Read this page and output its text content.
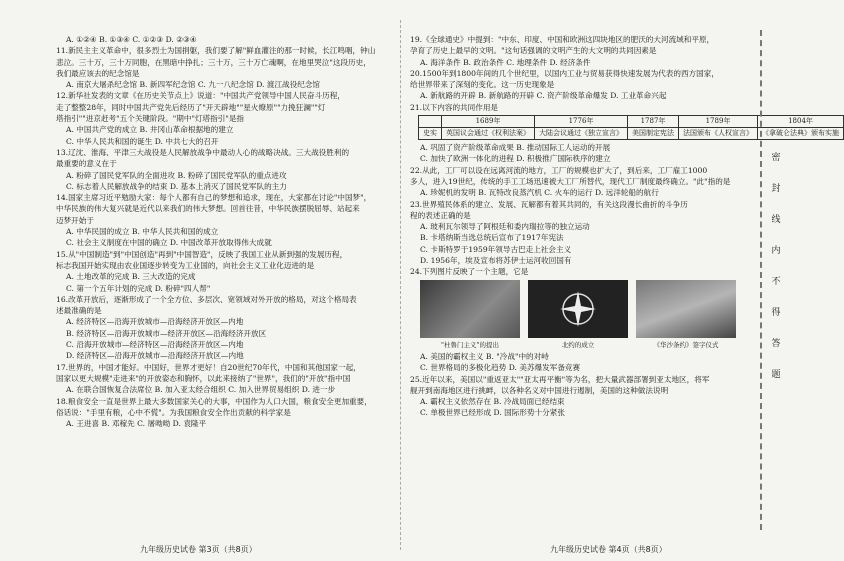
A. ①②④ B. ①③④ C. ①②③ D. ②③④
11.新民主主义革命中，很多烈士为国捐躯，我们要了解"鲜血灌注的那一时候，长江鸣咽，钟山
悲泣。三十万，三十万同胞，在黑暗中挣扎；三十万，三十万亡魂啊，在地里哭泣"这段历史，
我们最应该去的纪念馆是
A. 南京大屠杀纪念馆 B. 新四军纪念馆 C. 九一八纪念馆 D. 渡江战役纪念馆
12.新华社发表的文章《在历史关节点上》说道："中国共产党领导中国人民奋斗历程，
走了整整28年，同时中国共产党先后经历了"开天辟地""星火燎原""力挽狂澜""灯
塔指引""进京赶考"五个关键阶段。"期中"灯塔指引"是指
A. 中国共产党的成立 B. 井冈山革命根据地的建立
C. 中华人民共和国的诞生 D. 中共七大的召开
13.辽沈、淮海、平津三大战役是人民解放战争中最动人心的战略决战。三大战役胜利的
最重要的意义在于
A. 粉碎了国民党军队的全面进攻 B. 粉碎了国民党军队的重点进攻
C. 标志着人民解放战争的结束 D. 基本上消灭了国民党军队的主力
14.国家主席习近平勉励大家：每个人都有自己的梦想和追求，现在，大家都在讨论"中国梦"，
中华民族的伟大复兴就是近代以来我们的伟大梦想。回首往昔，中华民族摆脱屈辱、站起来
迈梦开始于
A. 中华民国的成立 B. 中华人民共和国的成立
C. 社会主义制度在中国的确立 D. 中国改革开放取得伟大成就
15.从"中国制造"到"中国创造"再到"中国智造"，反映了我国工业从新到强的发展历程，
标志我国开始实现由农业国逐步转变为工业国的，向社会主义工业化迈进的是
A. 土地改革的完成 B. 三大改造的完成
C. 第一个五年计划的完成 D. 粉碎"四人帮"
16.改革开放后，逐渐形成了一个全方位、多层次、宽领域对外开放的格局，对这个格局表
述最准确的是
A. 经济特区—沿海开放城市—沿海经济开放区—内地
B. 经济特区—沿海开放城市—经济开放区—沿海经济开放区
C. 沿海开放城市—经济特区—沿海经济开放区—内地
D. 经济特区—沿海开放城市—沿海经济开放区—内地
17.世界的，中国才能好。中国好，世界才更好！自20世纪70年代，中国和其他国家一起，
国家以更大规模"走进来"的开放姿态和胸怀，以此来接纳了"世界"，我们的"开放"指中国
A. 在联合国恢复合法席位 B. 加入亚太经合组织 C. 加入世界贸易组织 D. 进一步
18.粮食安全一直是世界上最大多数国家关心的大事，中国作为人口大国，粮食安全更加重要，
俗话说："手里有粮，心中不慌"。为我国粮食安全作出贡献的科学家是
A. 王进喜 B. 邓稼先 C. 屠呦呦 D. 袁隆平
19.《全球通史》中提到："中东、印度、中国和欧洲这四块地区的肥沃的大河流域和平原，
孕育了历史上最早的文明。"这句话强调的文明产生的大文明的共同因素是
A. 海洋条件 B. 政治条件 C. 地理条件 D. 经济条件
20.1500年到1800年间的几个世纪里，以国内工业与贸易获得快速发展为代表的西方国家，
给世界带来了深刻的变化。这一历史现象是
A. 新航路的开辟 B. 新航路的开辟 C. 资产阶级革命爆发 D. 工业革命兴起
21.以下内容的共同作用是
	1689年	1776年	1787年	1789年	1804年
史实	英国议会通过《权利法案》	大陆会议通过《独立宣言》	美国制定宪法	法国颁布《人权宣言》	《拿破仑法典》颁布实施
A. 巩固了资产阶级革命成果 B. 推动国际工人运动的开展
C. 加快了欧洲一体化的进程 D. 积极推广国际秩序的建立
22.从此，工厂可以设在远离河流的地方，工厂的规模也扩大了，到后来，工厂雇工1000
多人，进入19世纪，传统的手工工场迅速被大工厂所替代，现代工厂制度最终确立。"此"指的是
A. 珍妮机的发明 B. 瓦特改良蒸汽机 C. 火车的运行 D. 远洋轮船的航行
23.世界殖民体系的建立、发展、瓦解都有着其共同的，有关这段漫长曲折的斗争历
程的表述正确的是
A. 玻利瓦尔领导了阿根廷和委内瑞拉等的独立运动
B. 卡塔纳斯当选总统后宣布了1917年宪法
C. 卡斯特罗于1959年领导古巴走上社会主义
D. 1956年，埃及宣布将苏伊士运河收回国有
24.下列图片反映了一个主题，它是
"杜鲁门主义"的提出	北约的成立	《华沙条约》签字仪式
A. 美国的霸权主义 B. "冷战"中的对峙
C. 世界格局的多极化趋势 D. 美苏爆发军备竞赛
25.近年以来，美国以"重返亚太""亚太再平衡"等为名，把大量武器部署到亚太地区，将军
舰开到南海地区进行挑衅，以各种名义对中国进行遏制，美国的这种做法说明
A. 霸权主义依然存在 B. 冷战局面已经结束
C. 单极世界已经形成 D. 国际形势十分紧张
密
封
线
内
不
得
答
题
九年级历史试卷 第3页（共8页）	九年级历史试卷 第4页（共8页）
